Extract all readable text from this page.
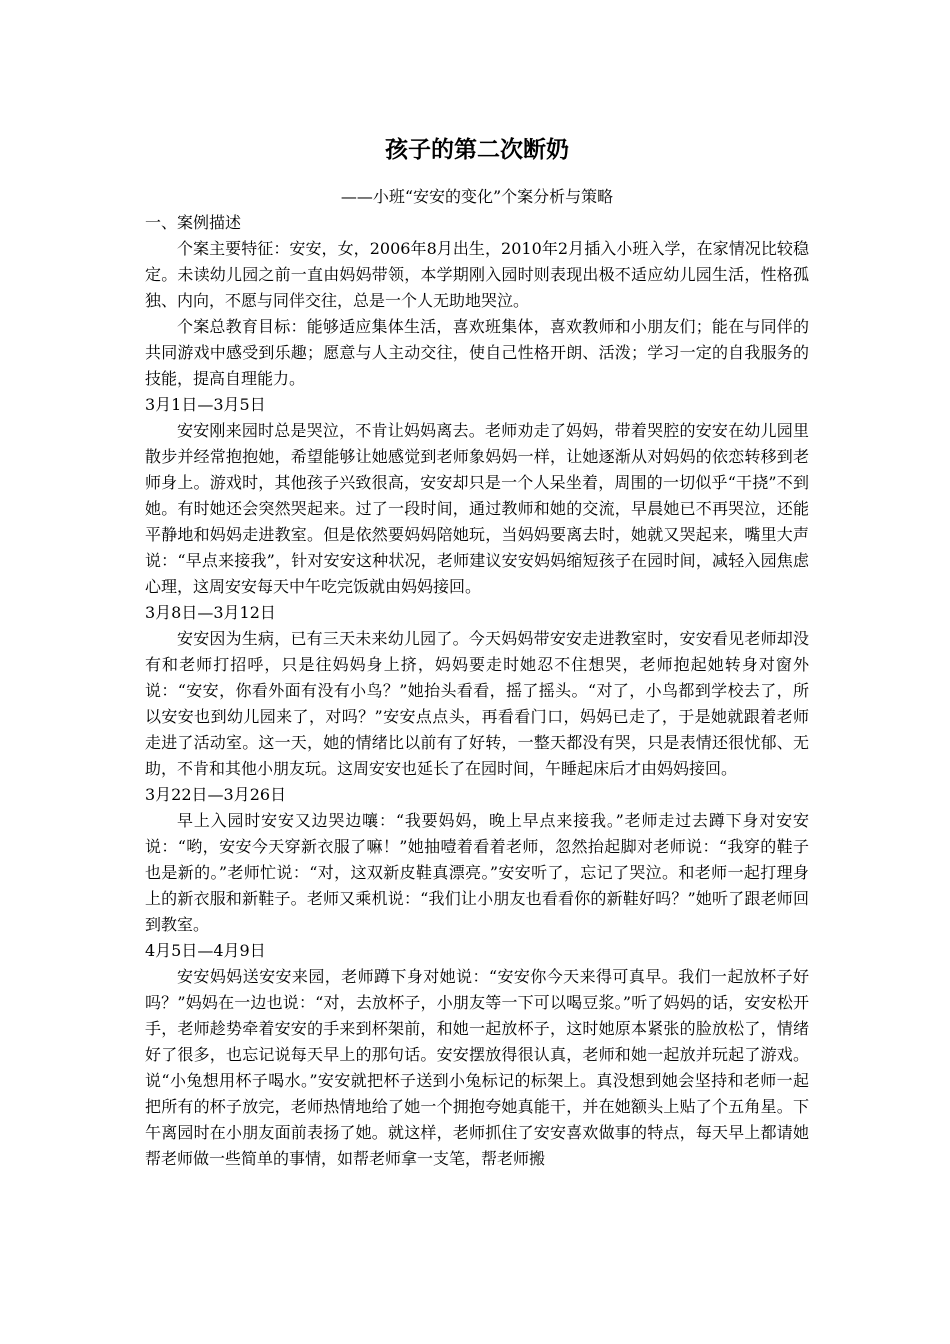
孩子的第二次断奶
——小班“安安的变化”个案分析与策略
一、案例描述

个案主要特征：安安，女，2006年8月出生，2010年2月插入小班入学，在家情况比较稳定。未读幼儿园之前一直由妈妈带领，本学期刚入园时则表现出极不适应幼儿园生活，性格孤独、内向，不愿与同伴交往，总是一个人无助地哭泣。

个案总教育目标：能够适应集体生活，喜欢班集体，喜欢教师和小朋友们；能在与同伴的共同游戏中感受到乐趣；愿意与人主动交往，使自己性格开朗、活泼；学习一定的自我服务的技能，提高自理能力。

3月1日—3月5日

安安刚来园时总是哭泣，不肯让妈妈离去。老师劝走了妈妈，带着哭腔的安安在幼儿园里散步并经常抱抱她，希望能够让她感觉到老师象妈妈一样，让她逐渐从对妈妈的依恋转移到老师身上。游戏时，其他孩子兴致很高，安安却只是一个人呆坐着，周围的一切似乎“干挠”不到她。有时她还会突然哭起来。过了一段时间，通过教师和她的交流，早晨她已不再哭泣，还能平静地和妈妈走进教室。但是依然要妈妈陪她玩，当妈妈要离去时，她就又哭起来，嘴里大声说：“早点来接我”，针对安安这种状况，老师建议安安妈妈缩短孩子在园时间，减轻入园焦虑心理，这周安安每天中午吃完饭就由妈妈接回。

3月8日—3月12日

安安因为生病，已有三天未来幼儿园了。今天妈妈带安安走进教室时，安安看见老师却没有和老师打招呼，只是往妈妈身上挤，妈妈要走时她忍不住想哭，老师抱起她转身对窗外说：“安安，你看外面有没有小鸟？”她抬头看看，摇了摇头。“对了，小鸟都到学校去了，所以安安也到幼儿园来了，对吗？”安安点点头，再看看门口，妈妈已走了，于是她就跟着老师走进了活动室。这一天，她的情绪比以前有了好转，一整天都没有哭，只是表情还很忧郁、无助，不肯和其他小朋友玩。这周安安也延长了在园时间，午睡起床后才由妈妈接回。

3月22日—3月26日

早上入园时安安又边哭边嚷：“我要妈妈，晚上早点来接我。”老师走过去蹲下身对安安说：“哟，安安今天穿新衣服了嘛！”她抽噎着看着老师，忽然抬起脚对老师说：“我穿的鞋子也是新的。”老师忙说：“对，这双新皮鞋真漂亮。”安安听了，忘记了哭泣。和老师一起打理身上的新衣服和新鞋子。老师又乘机说：“我们让小朋友也看看你的新鞋好吗？”她听了跟老师回到教室。

4月5日—4月9日

安安妈妈送安安来园，老师蹲下身对她说：“安安你今天来得可真早。我们一起放杯子好吗？”妈妈在一边也说：“对，去放杯子，小朋友等一下可以喝豆浆。”听了妈妈的话，安安松开手，老师趁势牵着安安的手来到杯架前，和她一起放杯子，这时她原本紧张的脸放松了，情绪好了很多，也忘记说每天早上的那句话。安安摆放得很认真，老师和她一起放并玩起了游戏。说“小兔想用杯子喝水。”安安就把杯子送到小兔标记的标架上。真没想到她会坚持和老师一起把所有的杯子放完，老师热情地给了她一个拥抱夸她真能干，并在她额头上贴了个五角星。下午离园时在小朋友面前表扬了她。就这样，老师抓住了安安喜欢做事的特点，每天早上都请她帮老师做一些简单的事情，如帮老师拿一支笔，帮老师搬
